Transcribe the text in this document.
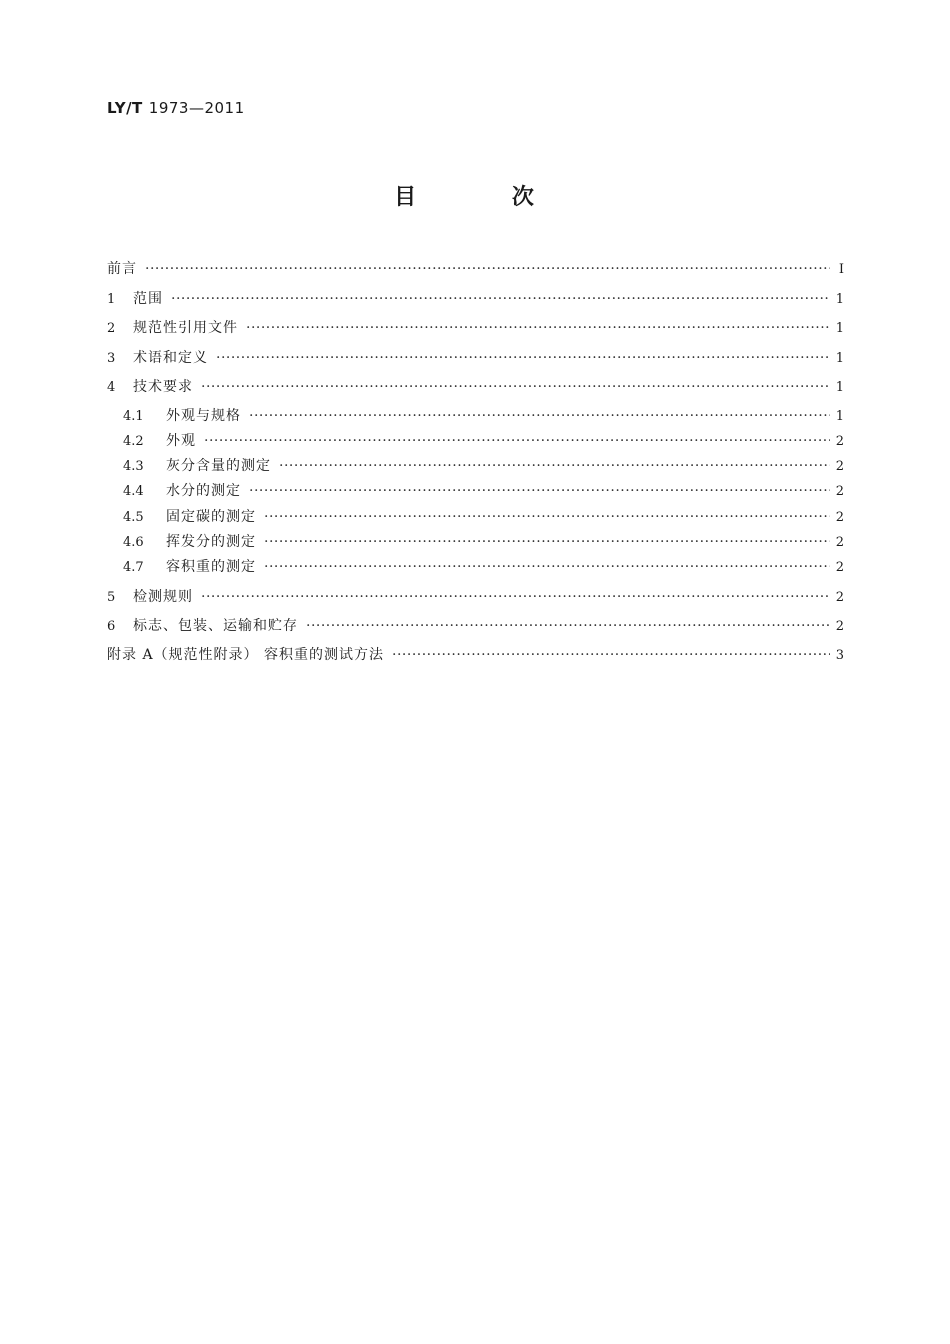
LY/T 1973—2011
目 次
前言 ·····	Ⅰ
1	范围 ·····	1
2	规范性引用文件 ·····	1
3	术语和定义 ·····	1
4	技术要求 ·····	1
4.1	外观与规格 ·····	1
4.2	外观 ·····	2
4.3	灰分含量的测定 ·····	2
4.4	水分的测定 ·····	2
4.5	固定碳的测定 ·····	2
4.6	挥发分的测定 ·····	2
4.7	容积重的测定 ·····	2
5	检测规则 ·····	2
6	标志、包装、运输和贮存 ·····	2
附录 A（规范性附录） 容积重的测试方法 ·····	3
